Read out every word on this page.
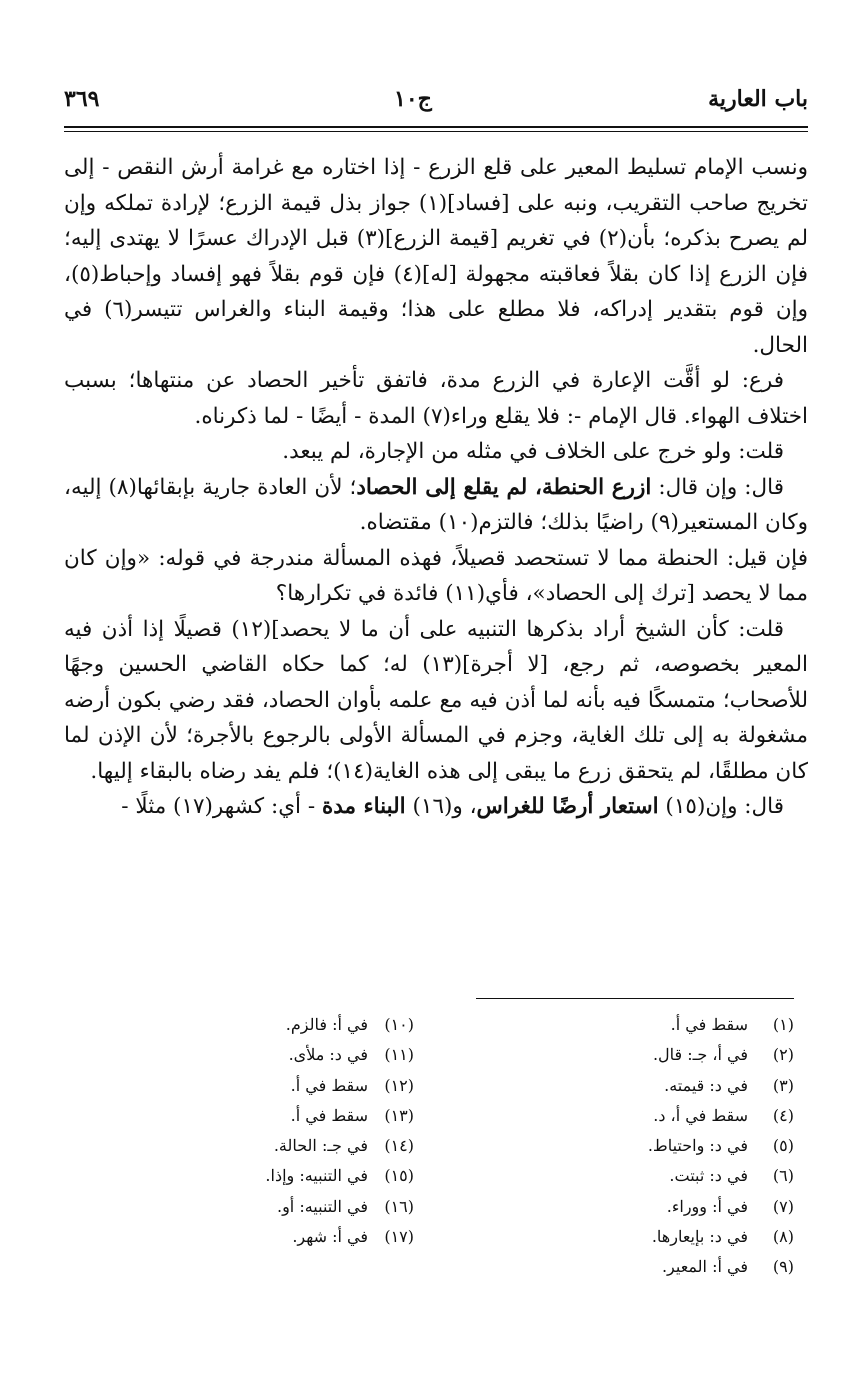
باب العارية
ج١٠
٣٦٩

ونسب الإمام تسليط المعير على قلع الزرع - إذا اختاره مع غرامة أرش النقص - إلى تخريج صاحب التقريب، ونبه على [فساد](١) جواز بذل قيمة الزرع؛ لإرادة تملكه وإن لم يصرح بذكره؛ بأن(٢) في تغريم [قيمة الزرع](٣) قبل الإدراك عسرًا لا يهتدى إليه؛ فإن الزرع إذا كان بقلاً فعاقبته مجهولة [له](٤) فإن قوم بقلاً فهو إفساد وإحباط(٥)، وإن قوم بتقدير إدراكه، فلا مطلع على هذا؛ وقيمة البناء والغراس تتيسر(٦) في الحال.

فرع: لو أقَّت الإعارة في الزرع مدة، فاتفق تأخير الحصاد عن منتهاها؛ بسبب اختلاف الهواء. قال الإمام -: فلا يقلع وراء(٧) المدة - أيضًا - لما ذكرناه.

قلت: ولو خرج على الخلاف في مثله من الإجارة، لم يبعد.

قال: وإن قال: ازرع الحنطة، لم يقلع إلى الحصاد؛ لأن العادة جارية بإبقائها(٨) إليه، وكان المستعير(٩) راضيًا بذلك؛ فالتزم(١٠) مقتضاه.

فإن قيل: الحنطة مما لا تستحصد قصيلاً، فهذه المسألة مندرجة في قوله: «وإن كان مما لا يحصد [ترك إلى الحصاد»، فأي(١١) فائدة في تكرارها؟

قلت: كأن الشيخ أراد بذكرها التنبيه على أن ما لا يحصد](١٢) قصيلًا إذا أذن فيه المعير بخصوصه، ثم رجع، [لا أجرة](١٣) له؛ كما حكاه القاضي الحسين وجهًا للأصحاب؛ متمسكًا فيه بأنه لما أذن فيه مع علمه بأوان الحصاد، فقد رضي بكون أرضه مشغولة به إلى تلك الغاية، وجزم في المسألة الأولى بالرجوع بالأجرة؛ لأن الإذن لما كان مطلقًا، لم يتحقق زرع ما يبقى إلى هذه الغاية(١٤)؛ فلم يفد رضاه بالبقاء إليها.

قال: وإن(١٥) استعار أرضًا للغراس، و(١٦) البناء مدة - أي: كشهر(١٧) مثلًا -

(١)سقط في أ.
(٢)في أ، جـ: قال.
(٣)في د: قيمته.
(٤)سقط في أ، د.
(٥)في د: واحتياط.
(٦)في د: ثبتت.
(٧)في أ: ووراء.
(٨)في د: بإيعارها.
(٩)في أ: المعير.
(١٠)في أ: فالزم.
(١١)في د: ملأى.
(١٢)سقط في أ.
(١٣)سقط في أ.
(١٤)في جـ: الحالة.
(١٥)في التنبيه: وإذا.
(١٦)في التنبيه: أو.
(١٧)في أ: شهر.
